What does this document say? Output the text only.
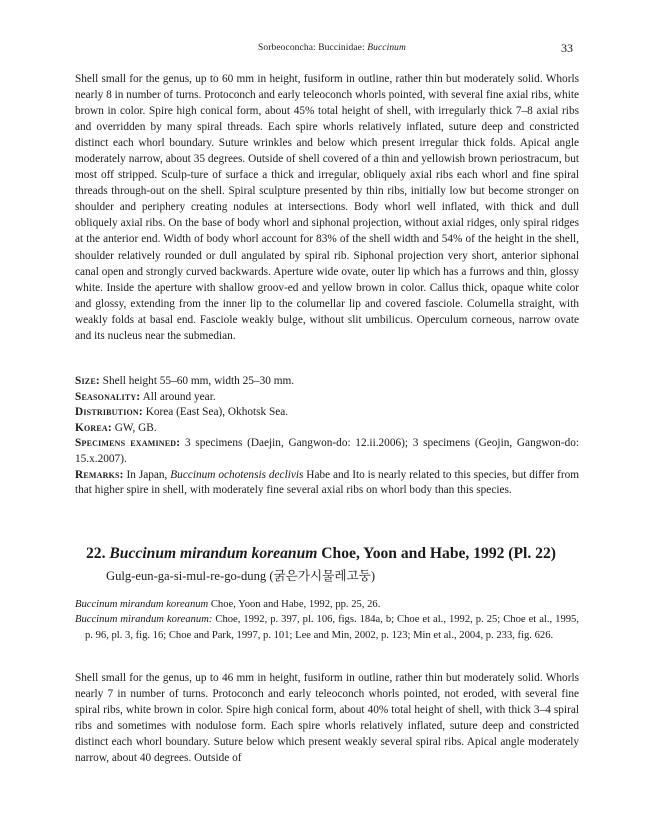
Sorbeoconcha: Buccinidae: Buccinum	33

Shell small for the genus, up to 60 mm in height, fusiform in outline, rather thin but moderately solid. Whorls nearly 8 in number of turns. Protoconch and early teleoconch whorls pointed, with several fine axial ribs, white brown in color. Spire high conical form, about 45% total height of shell, with irregularly thick 7–8 axial ribs and overridden by many spiral threads. Each spire whorls relatively inflated, suture deep and constricted distinct each whorl boundary. Suture wrinkles and below which present irregular thick folds. Apical angle moderately narrow, about 35 degrees. Outside of shell covered of a thin and yellowish brown periostracum, but most off stripped. Sculp-ture of surface a thick and irregular, obliquely axial ribs each whorl and fine spiral threads through-out on the shell. Spiral sculpture presented by thin ribs, initially low but become stronger on shoulder and periphery creating nodules at intersections. Body whorl well inflated, with thick and dull obliquely axial ribs. On the base of body whorl and siphonal projection, without axial ridges, only spiral ridges at the anterior end. Width of body whorl account for 83% of the shell width and 54% of the height in the shell, shoulder relatively rounded or dull angulated by spiral rib. Siphonal projection very short, anterior siphonal canal open and strongly curved backwards. Aperture wide ovate, outer lip which has a furrows and thin, glossy white. Inside the aperture with shallow groov-ed and yellow brown in color. Callus thick, opaque white color and glossy, extending from the inner lip to the columellar lip and covered fasciole. Columella straight, with weakly folds at basal end. Fasciole weakly bulge, without slit umbilicus. Operculum corneous, narrow ovate and its nucleus near the submedian.

Size: Shell height 55–60 mm, width 25–30 mm.

Seasonality: All around year.

Distribution: Korea (East Sea), Okhotsk Sea.

Korea: GW, GB.

Specimens examined: 3 specimens (Daejin, Gangwon-do: 12.ii.2006); 3 specimens (Geojin, Gangwon-do: 15.x.2007).

Remarks: In Japan, Buccinum ochotensis declivis Habe and Ito is nearly related to this species, but differ from that higher spire in shell, with moderately fine several axial ribs on whorl body than this species.

22. Buccinum mirandum koreanum Choe, Yoon and Habe, 1992 (Pl. 22)
Gulg-eun-ga-si-mul-re-go-dung (굵은가시물레고둥)

Buccinum mirandum koreanum Choe, Yoon and Habe, 1992, pp. 25, 26.

Buccinum mirandum koreanum: Choe, 1992, p. 397, pl. 106, figs. 184a, b; Choe et al., 1992, p. 25; Choe et al., 1995, p. 96, pl. 3, fig. 16; Choe and Park, 1997, p. 101; Lee and Min, 2002, p. 123; Min et al., 2004, p. 233, fig. 626.

Shell small for the genus, up to 46 mm in height, fusiform in outline, rather thin but moderately solid. Whorls nearly 7 in number of turns. Protoconch and early teleoconch whorls pointed, not eroded, with several fine spiral ribs, white brown in color. Spire high conical form, about 40% total height of shell, with thick 3–4 spiral ribs and sometimes with nodulose form. Each spire whorls relatively inflated, suture deep and constricted distinct each whorl boundary. Suture below which present weakly several spiral ribs. Apical angle moderately narrow, about 40 degrees. Outside of
